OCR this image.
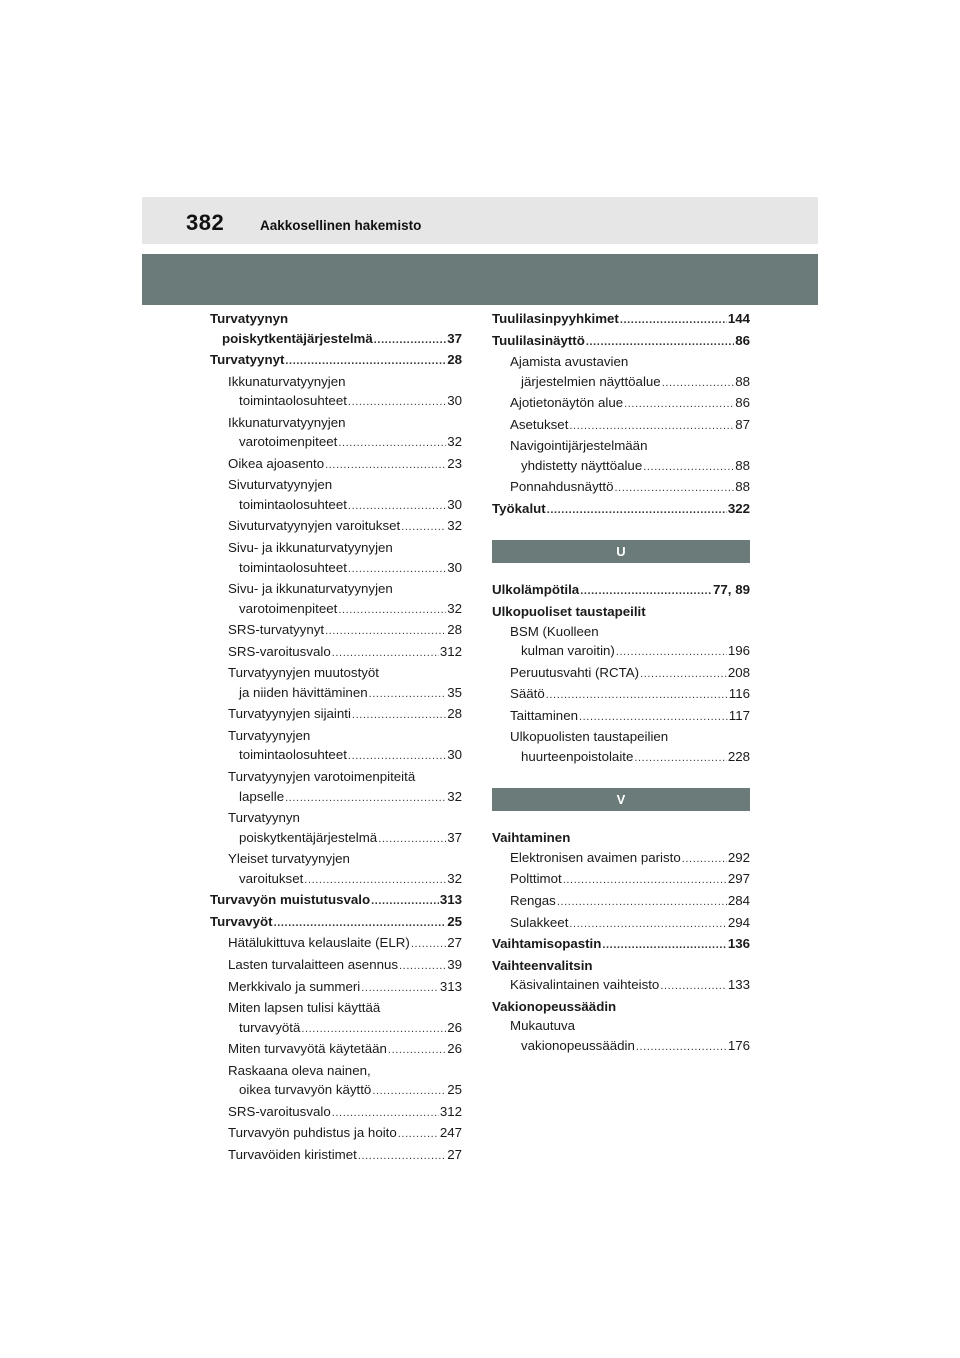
382	Aakkosellinen hakemisto
Turvatyynyn
poiskytkentäjärjestelmä .....	37
Turvatyynyt .....	28
Ikkunaturvatyynyjen
toimintaolosuhteet .....	30
Ikkunaturvatyynyjen
varotoimenpiteet .....	32
Oikea ajoasento .....	23
Sivuturvatyynyjen
toimintaolosuhteet .....	30
Sivuturvatyynyjen varoitukset .....	32
Sivu- ja ikkunaturvatyynyjen
toimintaolosuhteet .....	30
Sivu- ja ikkunaturvatyynyjen
varotoimenpiteet .....	32
SRS-turvatyynyt .....	28
SRS-varoitusvalo .....	312
Turvatyynyjen muutostyöt
ja niiden hävittäminen .....	35
Turvatyynyjen sijainti .....	28
Turvatyynyjen
toimintaolosuhteet .....	30
Turvatyynyjen varotoimenpiteitä
lapselle .....	32
Turvatyynyn
poiskytkentäjärjestelmä .....	37
Yleiset turvatyynyjen
varoitukset .....	32
Turvavyön muistutusvalo .....	313
Turvavyöt .....	25
Hätälukittuva kelauslaite (ELR) .....	27
Lasten turvalaitteen asennus .....	39
Merkkivalo ja summeri .....	313
Miten lapsen tulisi käyttää
turvavyötä .....	26
Miten turvavyötä käytetään .....	26
Raskaana oleva nainen,
oikea turvavyön käyttö .....	25
SRS-varoitusvalo .....	312
Turvavyön puhdistus ja hoito .....	247
Turvavöiden kiristimet .....	27
Tuulilasinpyyhkimet .....	144
Tuulilasinäyttö .....	86
Ajamista avustavien
järjestelmien näyttöalue .....	88
Ajotietonäytön alue .....	86
Asetukset .....	87
Navigointijärjestelmään
yhdistetty näyttöalue .....	88
Ponnahdusnäyttö .....	88
Työkalut .....	322
U
Ulkolämpötila .....	77, 89
Ulkopuoliset taustapeilit
BSM (Kuolleen
kulman varoitin) .....	196
Peruutusvahti (RCTA) .....	208
Säätö .....	116
Taittaminen .....	117
Ulkopuolisten taustapeilien
huurteenpoistolaite .....	228
V
Vaihtaminen
Elektronisen avaimen paristo .....	292
Polttimot .....	297
Rengas .....	284
Sulakkeet .....	294
Vaihtamisopastin .....	136
Vaihteenvalitsin
Käsivalintainen vaihteisto .....	133
Vakionopeussäädin
Mukautuva
vakionopeussäädin .....	176
